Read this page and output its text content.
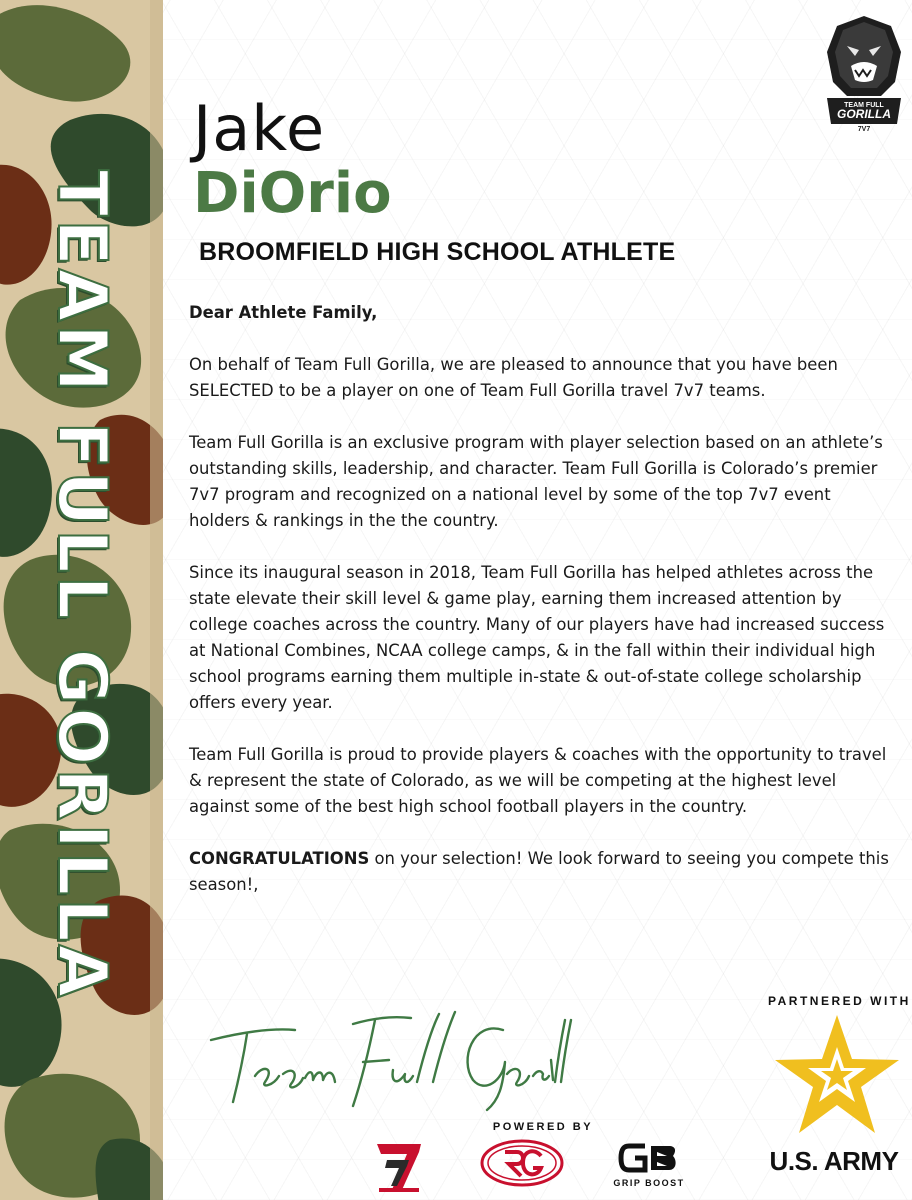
TEAM FULL GORILLA
TEAM FULL
GORILLA
7V7
Jake
DiOrio
BROOMFIELD HIGH SCHOOL ATHLETE

Dear Athlete Family,

On behalf of Team Full Gorilla, we are pleased to announce that you have been SELECTED to be a player on one of Team Full Gorilla travel 7v7 teams.

Team Full Gorilla is an exclusive program with player selection based on an athlete’s outstanding skills, leadership, and character. Team Full Gorilla is Colorado’s premier 7v7 program and recognized on a national level by some of the top 7v7 event holders & rankings in the the country.

Since its inaugural season in 2018, Team Full Gorilla has helped athletes across the state elevate their skill level & game play, earning them increased attention by college coaches across the country. Many of our players have had increased success at National Combines, NCAA college camps, & in the fall within their individual high school programs earning them multiple in-state & out-of-state college scholarship offers every year.

Team Full Gorilla is proud to provide players & coaches with the opportunity to travel & represent the state of Colorado, as we will be competing at the highest level against some of the best high school football players in the country.

CONGRATULATIONS on your selection! We look forward to seeing you compete this season!,

PARTNERED WITH
U.S. ARMY
POWERED BY
GRIP BOOST
